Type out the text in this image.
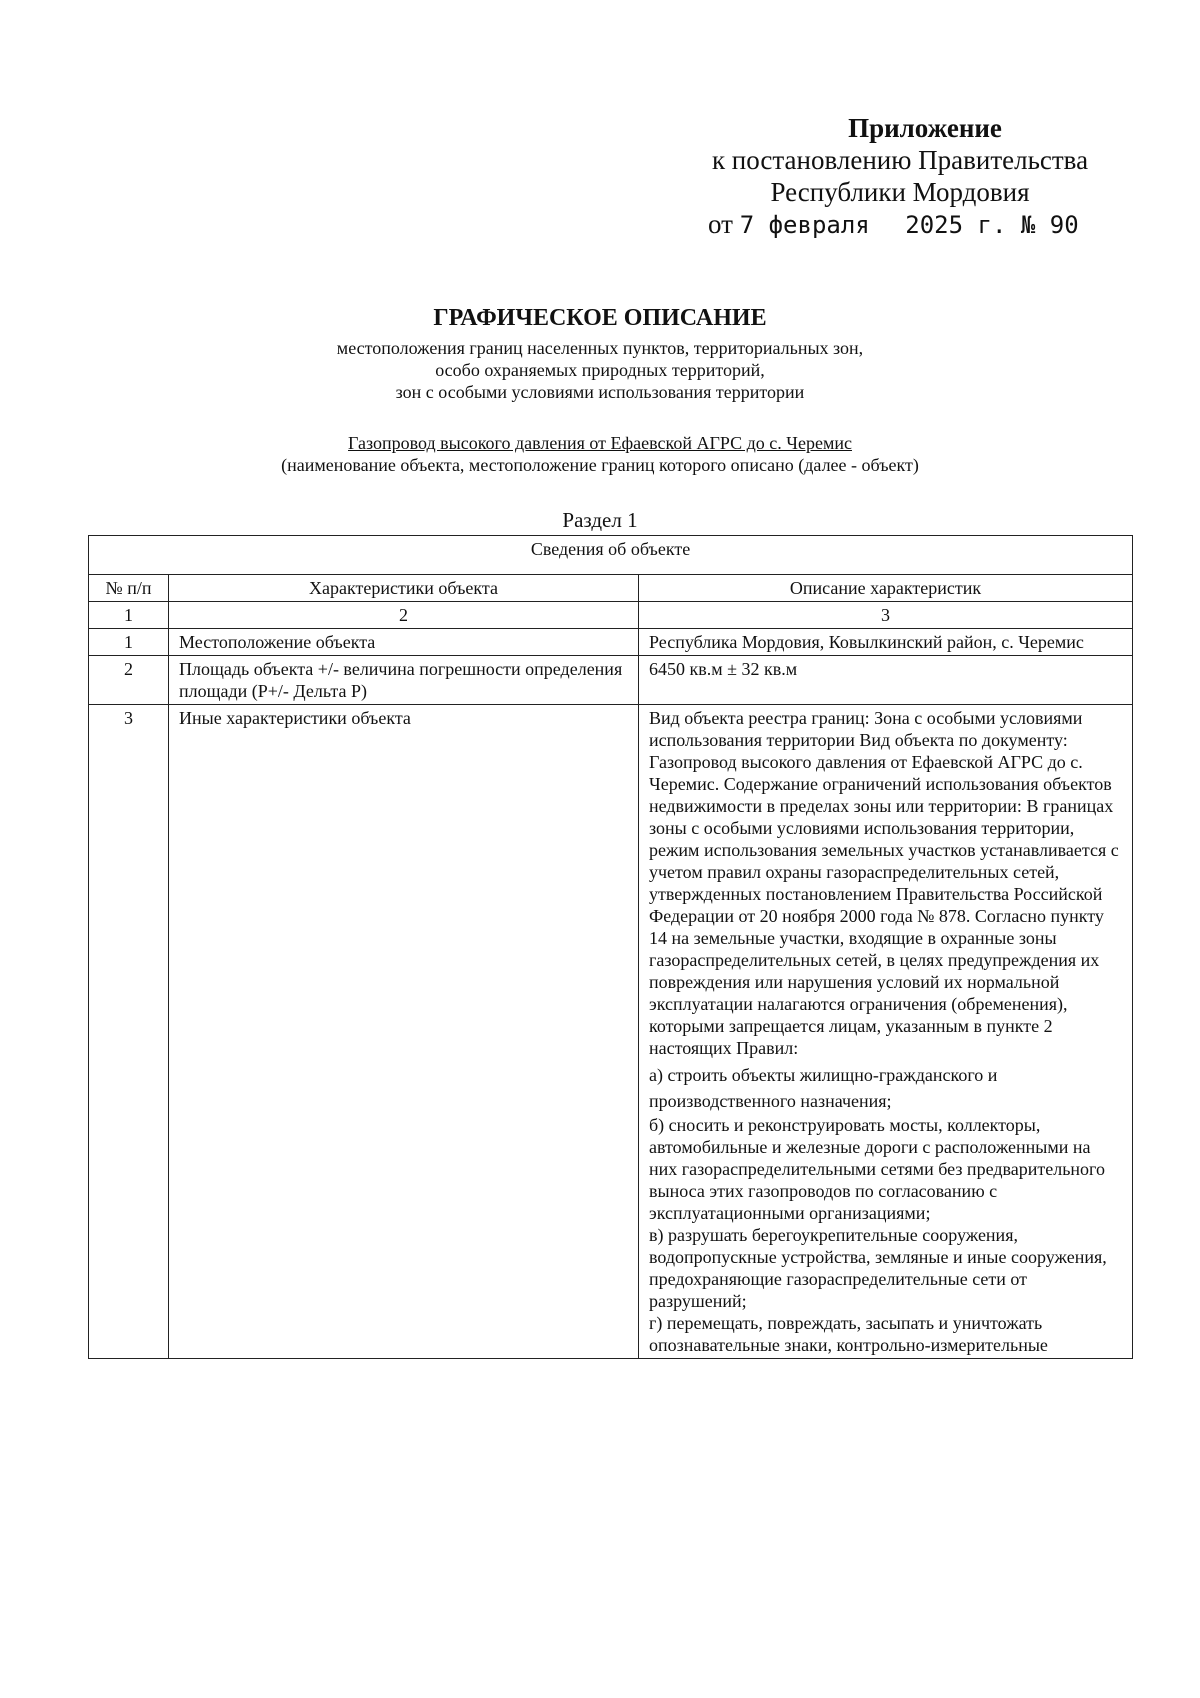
Приложение
к постановлению Правительства
Республики Мордовия
от 7 февраля 2025 г. № 90
ГРАФИЧЕСКОЕ ОПИСАНИЕ
местоположения границ населенных пунктов, территориальных зон,
особо охраняемых природных территорий,
зон с особыми условиями использования территории
Газопровод высокого давления от Ефаевской АГРС до с. Черемис
(наименование объекта, местоположение границ которого описано (далее - объект)
Раздел 1
Сведения об объекте		
№ п/п	Характеристики объекта	Описание характеристик
1	2	3
1	Местоположение объекта	Республика Мордовия, Ковылкинский район, с. Черемис

2	Площадь объекта +/- величина погрешности определения площади (P+/- Дельта P)	6450 кв.м ± 32 кв.м

3	Иные характеристики объекта	Вид объекта реестра границ: Зона с особыми условиями использования территории Вид объекта по документу: Газопровод высокого давления от Ефаевской АГРС до с. Черемис. Содержание ограничений использования объектов недвижимости в пределах зоны или территории: В границах зоны с особыми условиями использования территории, режим использования земельных участков устанавливается с учетом правил охраны газораспределительных сетей, утвержденных постановлением Правительства Российской Федерации от 20 ноября 2000 года № 878. Согласно пункту 14 на земельные участки, входящие в охранные зоны газораспределительных сетей, в целях предупреждения их повреждения или нарушения условий их нормальной эксплуатации налагаются ограничения (обременения), которыми запрещается лицам, указанным в пункте 2 настоящих Правил:

а) строить объекты жилищно-гражданского и производственного назначения;

б) сносить и реконструировать мосты, коллекторы, автомобильные и железные дороги с расположенными на них газораспределительными сетями без предварительного выноса этих газопроводов по согласованию с эксплуатационными организациями;

в) разрушать берегоукрепительные сооружения, водопропускные устройства, земляные и иные сооружения, предохраняющие газораспределительные сети от разрушений;

г) перемещать, повреждать, засыпать и уничтожать опознавательные знаки, контрольно-измерительные
